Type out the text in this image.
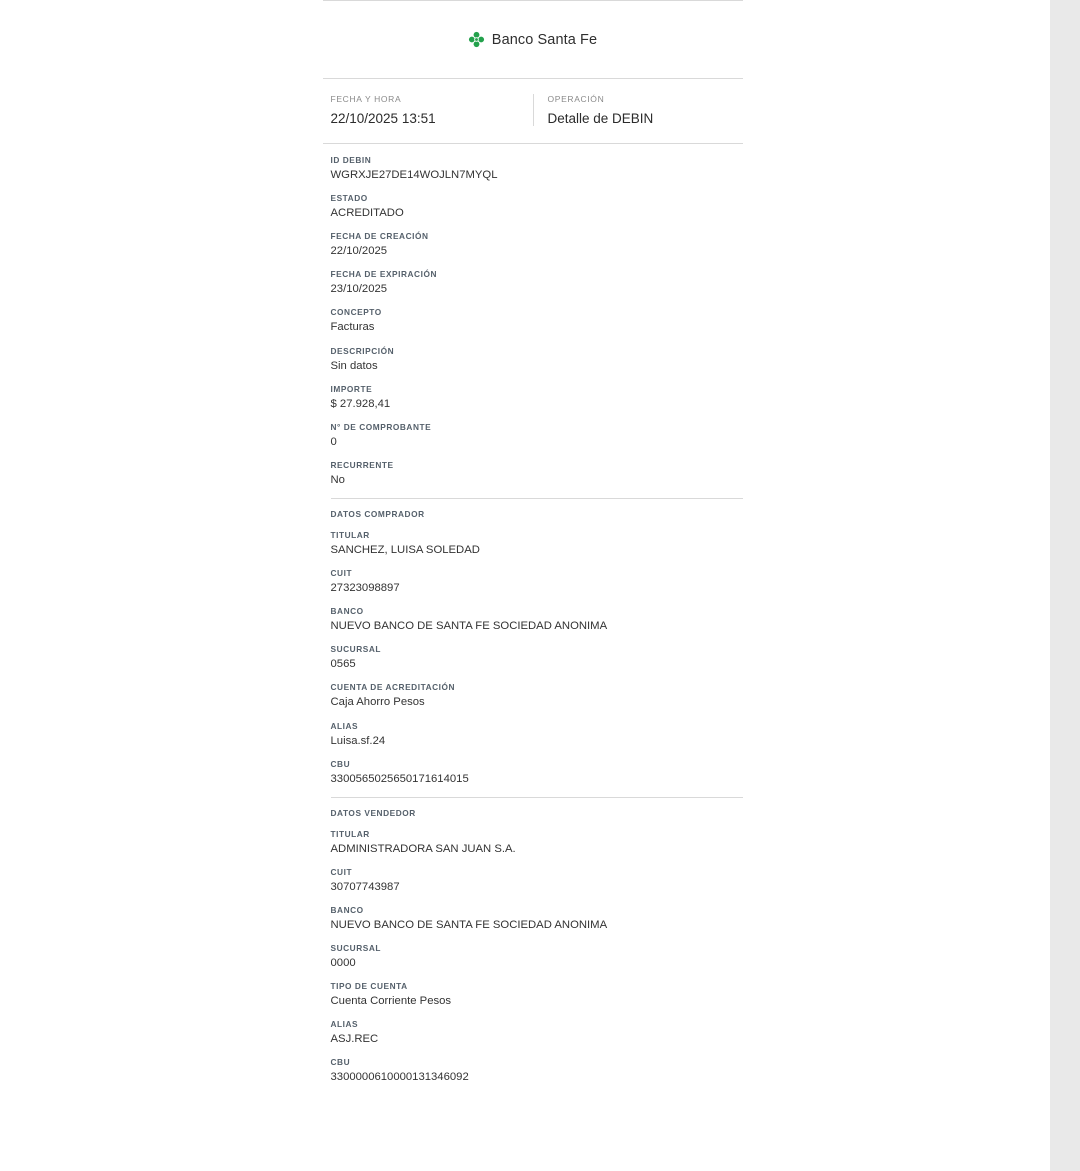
Banco Santa Fe
FECHA Y HORA
22/10/2025 13:51
OPERACIÓN
Detalle de DEBIN
ID DEBIN
WGRXJE27DE14WOJLN7MYQL
ESTADO
ACREDITADO
FECHA DE CREACIÓN
22/10/2025
FECHA DE EXPIRACIÓN
23/10/2025
CONCEPTO
Facturas
DESCRIPCIÓN
Sin datos
IMPORTE
$ 27.928,41
N° DE COMPROBANTE
0
RECURRENTE
No
DATOS COMPRADOR
TITULAR
SANCHEZ, LUISA SOLEDAD
CUIT
27323098897
BANCO
NUEVO BANCO DE SANTA FE SOCIEDAD ANONIMA
SUCURSAL
0565
CUENTA DE ACREDITACIÓN
Caja Ahorro Pesos
ALIAS
Luisa.sf.24
CBU
3300565025650171614015
DATOS VENDEDOR
TITULAR
ADMINISTRADORA SAN JUAN S.A.
CUIT
30707743987
BANCO
NUEVO BANCO DE SANTA FE SOCIEDAD ANONIMA
SUCURSAL
0000
TIPO DE CUENTA
Cuenta Corriente Pesos
ALIAS
ASJ.REC
CBU
3300000610000131346092
